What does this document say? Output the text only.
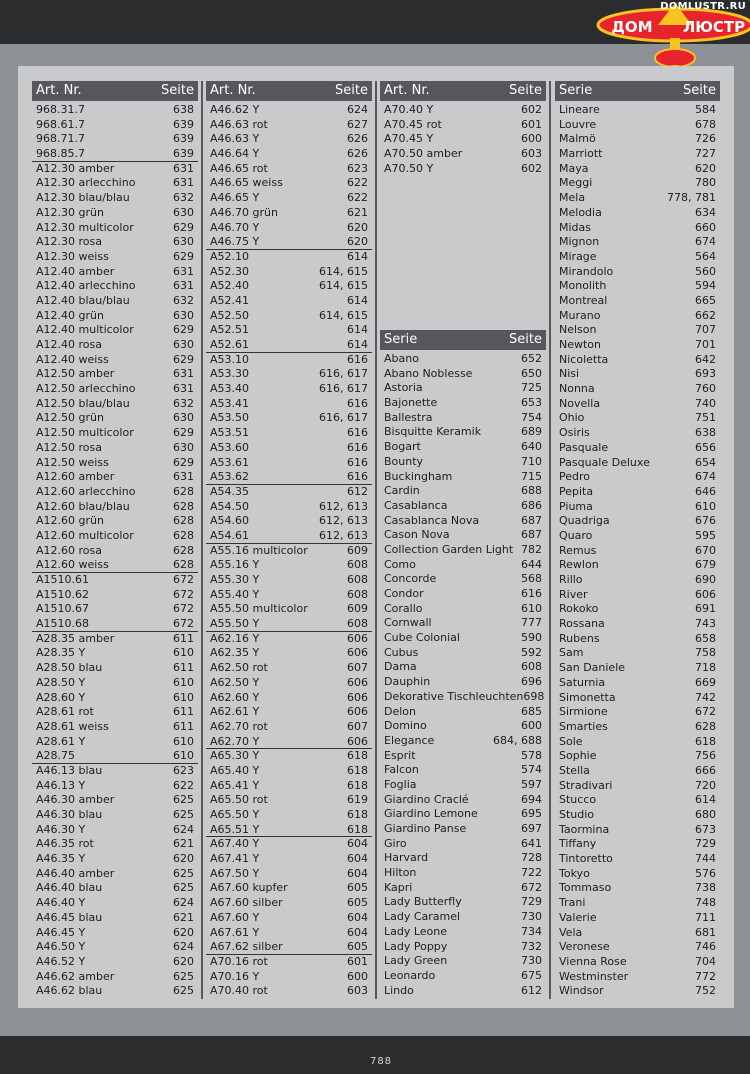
ДОМ ЛЮСТР
DOMLUSTR.RU
Art. Nr.	Seite
968.31.7	638
968.61.7	639
968.71.7	639
968.85.7	639
A12.30 amber	631
A12.30 arlecchino	631
A12.30 blau/blau	632
A12.30 grün	630
A12.30 multicolor	629
A12.30 rosa	630
A12.30 weiss	629
A12.40 amber	631
A12.40 arlecchino	631
A12.40 blau/blau	632
A12.40 grün	630
A12.40 multicolor	629
A12.40 rosa	630
A12.40 weiss	629
A12.50 amber	631
A12.50 arlecchino	631
A12.50 blau/blau	632
A12.50 grün	630
A12.50 multicolor	629
A12.50 rosa	630
A12.50 weiss	629
A12.60 amber	631
A12.60 arlecchino	628
A12.60 blau/blau	628
A12.60 grün	628
A12.60 multicolor	628
A12.60 rosa	628
A12.60 weiss	628
A1510.61	672
A1510.62	672
A1510.67	672
A1510.68	672
A28.35 amber	611
A28.35 Y	610
A28.50 blau	611
A28.50 Y	610
A28.60 Y	610
A28.61 rot	611
A28.61 weiss	611
A28.61 Y	610
A28.75	610
A46.13 blau	623
A46.13 Y	622
A46.30 amber	625
A46.30 blau	625
A46.30 Y	624
A46.35 rot	621
A46.35 Y	620
A46.40 amber	625
A46.40 blau	625
A46.40 Y	624
A46.45 blau	621
A46.45 Y	620
A46.50 Y	624
A46.52 Y	620
A46.62 amber	625
A46.62 blau	625
Art. Nr.	Seite
A46.62 Y	624
A46.63 rot	627
A46.63 Y	626
A46.64 Y	626
A46.65 rot	623
A46.65 weiss	622
A46.65 Y	622
A46.70 grün	621
A46.70 Y	620
A46.75 Y	620
A52.10	614
A52.30	614, 615
A52.40	614, 615
A52.41	614
A52.50	614, 615
A52.51	614
A52.61	614
A53.10	616
A53.30	616, 617
A53.40	616, 617
A53.41	616
A53.50	616, 617
A53.51	616
A53.60	616
A53.61	616
A53.62	616
A54.35	612
A54.50	612, 613
A54.60	612, 613
A54.61	612, 613
A55.16 multicolor	609
A55.16 Y	608
A55.30 Y	608
A55.40 Y	608
A55.50 multicolor	609
A55.50 Y	608
A62.16 Y	606
A62.35 Y	606
A62.50 rot	607
A62.50 Y	606
A62.60 Y	606
A62.61 Y	606
A62.70 rot	607
A62.70 Y	606
A65.30 Y	618
A65.40 Y	618
A65.41 Y	618
A65.50 rot	619
A65.50 Y	618
A65.51 Y	618
A67.40 Y	604
A67.41 Y	604
A67.50 Y	604
A67.60 kupfer	605
A67.60 silber	605
A67.60 Y	604
A67.61 Y	604
A67.62 silber	605
A70.16 rot	601
A70.16 Y	600
A70.40 rot	603
Art. Nr.	Seite
A70.40 Y	602
A70.45 rot	601
A70.45 Y	600
A70.50 amber	603
A70.50 Y	602
Serie	Seite
Abano	652
Abano Noblesse	650
Astoria	725
Bajonette	653
Ballestra	754
Bisquitte Keramik	689
Bogart	640
Bounty	710
Buckingham	715
Cardin	688
Casablanca	686
Casablanca Nova	687
Cason Nova	687
Collection Garden Light 782
Como	644
Concorde	568
Condor	616
Corallo	610
Cornwall	777
Cube Colonial	590
Cubus	592
Dama	608
Dauphin	696
Dekorative Tischleuchten 698
Delon	685
Domino	600
Elegance	684, 688
Esprit	578
Falcon	574
Foglia	597
Giardino Craclé	694
Giardino Lemone	695
Giardino Panse	697
Giro	641
Harvard	728
Hilton	722
Kapri	672
Lady Butterfly	729
Lady Caramel	730
Lady Leone	734
Lady Poppy	732
Lady Green	730
Leonardo	675
Lindo	612
Serie	Seite
Lineare	584
Louvre	678
Malmö	726
Marriott	727
Maya	620
Meggi	780
Mela	778, 781
Melodia	634
Midas	660
Mignon	674
Mirage	564
Mirandolo	560
Monolith	594
Montreal	665
Murano	662
Nelson	707
Newton	701
Nicoletta	642
Nisi	693
Nonna	760
Novella	740
Ohio	751
Osiris	638
Pasquale	656
Pasquale Deluxe	654
Pedro	674
Pepita	646
Piuma	610
Quadriga	676
Quaro	595
Remus	670
Rewlon	679
Rillo	690
River	606
Rokoko	691
Rossana	743
Rubens	658
Sam	758
San Daniele	718
Saturnia	669
Simonetta	742
Sirmione	672
Smarties	628
Sole	618
Sophie	756
Stella	666
Stradivari	720
Stucco	614
Studio	680
Taormina	673
Tiffany	729
Tintoretto	744
Tokyo	576
Tommaso	738
Trani	748
Valerie	711
Vela	681
Veronese	746
Vienna Rose	704
Westminster	772
Windsor	752
788
